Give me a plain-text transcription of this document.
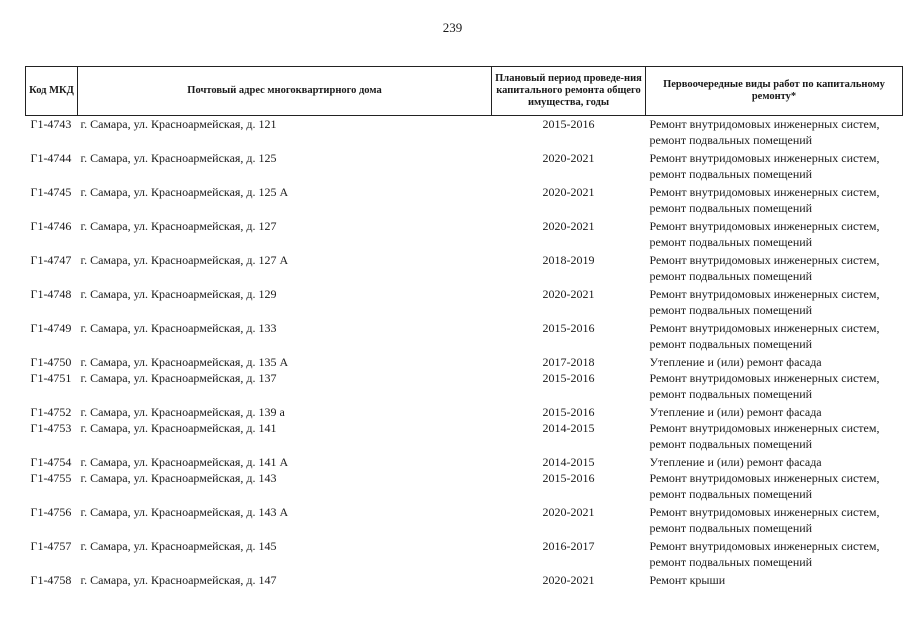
239
Код МКД	Почтовый адрес многоквартирного дома	Плановый период проведе-ния капитального ремонта общего имущества, годы	Первоочередные виды работ по капитальному ремонту*
Г1-4743	г. Самара, ул. Красноармейская, д. 121	2015-2016	Ремонт внутридомовых инженерных систем,
ремонт подвальных помещений

Г1-4744	г. Самара, ул. Красноармейская, д. 125	2020-2021	Ремонт внутридомовых инженерных систем,
ремонт подвальных помещений

Г1-4745	г. Самара, ул. Красноармейская, д. 125 А	2020-2021	Ремонт внутридомовых инженерных систем,
ремонт подвальных помещений

Г1-4746	г. Самара, ул. Красноармейская, д. 127	2020-2021	Ремонт внутридомовых инженерных систем,
ремонт подвальных помещений

Г1-4747	г. Самара, ул. Красноармейская, д. 127 А	2018-2019	Ремонт внутридомовых инженерных систем,
ремонт подвальных помещений

Г1-4748	г. Самара, ул. Красноармейская, д. 129	2020-2021	Ремонт внутридомовых инженерных систем,
ремонт подвальных помещений

Г1-4749	г. Самара, ул. Красноармейская, д. 133	2015-2016	Ремонт внутридомовых инженерных систем,
ремонт подвальных помещений

Г1-4750	г. Самара, ул. Красноармейская, д. 135 А	2017-2018	Утепление и (или) ремонт фасада

Г1-4751	г. Самара, ул. Красноармейская, д. 137	2015-2016	Ремонт внутридомовых инженерных систем,
ремонт подвальных помещений

Г1-4752	г. Самара, ул. Красноармейская, д. 139 а	2015-2016	Утепление и (или) ремонт фасада

Г1-4753	г. Самара, ул. Красноармейская, д. 141	2014-2015	Ремонт внутридомовых инженерных систем,
ремонт подвальных помещений

Г1-4754	г. Самара, ул. Красноармейская, д. 141 А	2014-2015	Утепление и (или) ремонт фасада

Г1-4755	г. Самара, ул. Красноармейская, д. 143	2015-2016	Ремонт внутридомовых инженерных систем,
ремонт подвальных помещений

Г1-4756	г. Самара, ул. Красноармейская, д. 143 А	2020-2021	Ремонт внутридомовых инженерных систем,
ремонт подвальных помещений

Г1-4757	г. Самара, ул. Красноармейская, д. 145	2016-2017	Ремонт внутридомовых инженерных систем,
ремонт подвальных помещений

Г1-4758	г. Самара, ул. Красноармейская, д. 147	2020-2021	Ремонт крыши
